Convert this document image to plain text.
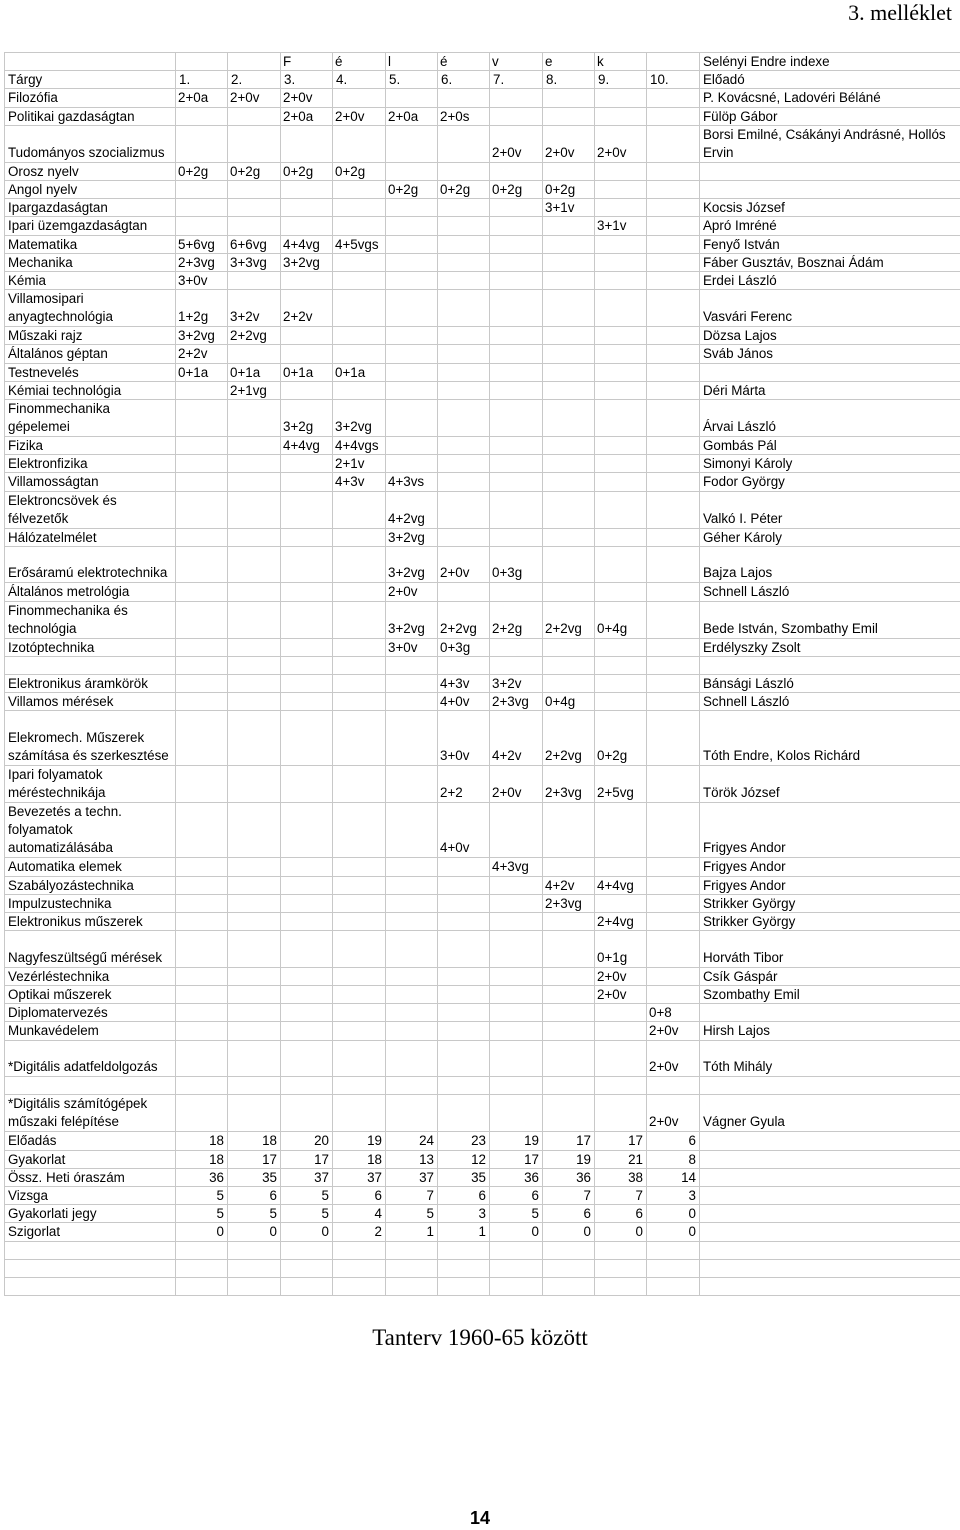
3. melléklet
			F	é	l	é	v	e	k		Selényi Endre indexe
Tárgy	1.	2.	3.	4.	5.	6.	7.	8.	9.	10.	Előadó
Filozófia	2+0a	2+0v	2+0v								P. Kovácsné, Ladovéri Béláné
Politikai gazdaságtan			2+0a	2+0v	2+0a	2+0s					Fülöp Gábor
Tudományos szocializmus							2+0v	2+0v	2+0v		Borsi Emilné, Csákányi Andrásné, Hollós Ervin
Orosz nyelv	0+2g	0+2g	0+2g	0+2g							
Angol nyelv					0+2g	0+2g	0+2g	0+2g			
Ipargazdaságtan								3+1v			Kocsis József
Ipari üzemgazdaságtan									3+1v		Apró Imréné
Matematika	5+6vg	6+6vg	4+4vg	4+5vgs							Fenyő István
Mechanika	2+3vg	3+3vg	3+2vg								Fáber Gusztáv, Bosznai Ádám
Kémia	3+0v										Erdei László
Villamosipari anyagtechnológia	1+2g	3+2v	2+2v								Vasvári Ferenc
Műszaki rajz	3+2vg	2+2vg									Dözsa Lajos
Általános géptan	2+2v										Sváb János
Testnevelés	0+1a	0+1a	0+1a	0+1a							
Kémiai technológia		2+1vg									Déri Márta
Finommechanika gépelemei			3+2g	3+2vg							Árvai László
Fizika			4+4vg	4+4vgs							Gombás Pál
Elektronfizika				2+1v							Simonyi Károly
Villamosságtan				4+3v	4+3vs						Fodor György
Elektroncsövek és félvezetők					4+2vg						Valkó I. Péter
Hálózatelmélet					3+2vg						Géher Károly
Erősáramú elektrotechnika					3+2vg	2+0v	0+3g				Bajza Lajos
Általános metrológia					2+0v						Schnell László
Finommechanika és technológia					3+2vg	2+2vg	2+2g	2+2vg	0+4g		Bede István, Szombathy Emil
Izotóptechnika					3+0v	0+3g					Erdélyszky Zsolt

Elektronikus áramkörök						4+3v	3+2v				Bánsági László
Villamos mérések						4+0v	2+3vg	0+4g			Schnell László
Elekromech. Műszerek számítása és szerkesztése						3+0v	4+2v	2+2vg	0+2g		Tóth Endre, Kolos Richárd
Ipari folyamatok méréstechnikája						2+2	2+0v	2+3vg	2+5vg		Török József
Bevezetés a techn. folyamatok automatizálásába						4+0v					Frigyes Andor
Automatika elemek							4+3vg				Frigyes Andor
Szabályozástechnika								4+2v	4+4vg		Frigyes Andor
Impulzustechnika								2+3vg			Strikker György
Elektronikus műszerek									2+4vg		Strikker György
Nagyfeszültségű mérések									0+1g		Horváth Tibor
Vezérléstechnika									2+0v		Csík Gáspár
Optikai műszerek									2+0v		Szombathy Emil
Diplomatervezés										0+8	
Munkavédelem										2+0v	Hirsh Lajos
*Digitális adatfeldolgozás										2+0v	Tóth Mihály

*Digitális számítógépek műszaki felépítése										2+0v	Vágner Gyula
Előadás	18	18	20	19	24	23	19	17	17	6	
Gyakorlat	18	17	17	18	13	12	17	19	21	8	
Össz. Heti óraszám	36	35	37	37	37	35	36	36	38	14	
Vizsga	5	6	5	6	7	6	6	7	7	3	
Gyakorlati jegy	5	5	5	4	5	3	5	6	6	0	
Szigorlat	0	0	0	2	1	1	0	0	0	0	

Tanterv 1960-65 között
14
